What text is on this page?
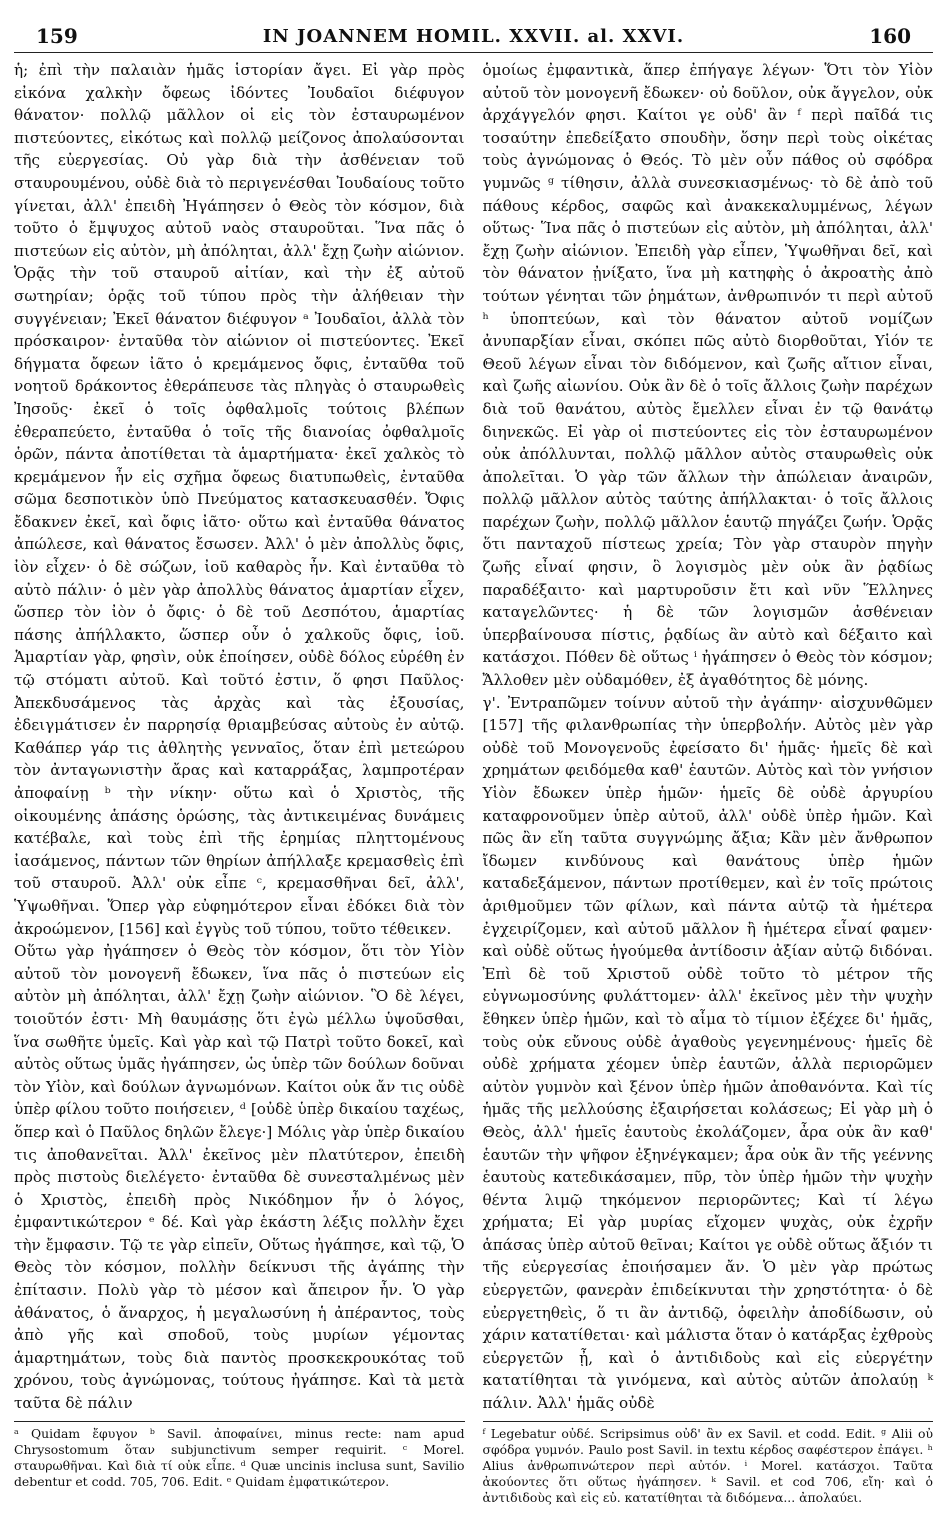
159	IN JOANNEM HOMIL. XXVII. al. XXVI.	160

ἡ; ἐπὶ τὴν παλαιὰν ἡμᾶς ἱστορίαν ἄγει. Εἰ γὰρ πρὸς εἰκόνα χαλκὴν ὄφεως ἰδόντες Ἰουδαῖοι διέφυγον θάνατον· πολλῷ μᾶλλον οἱ εἰς τὸν ἐσταυρωμένον πιστεύοντες, εἰκότως καὶ πολλῷ μείζονος ἀπολαύσονται τῆς εὐεργεσίας. Οὐ γὰρ διὰ τὴν ἀσθένειαν τοῦ σταυρουμένου, οὐδὲ διὰ τὸ περιγενέσθαι Ἰουδαίους τοῦτο γίνεται, ἀλλ' ἐπειδὴ Ἠγάπησεν ὁ Θεὸς τὸν κόσμον, διὰ τοῦτο ὁ ἔμψυχος αὐτοῦ ναὸς σταυροῦται. Ἵνα πᾶς ὁ πιστεύων εἰς αὐτὸν, μὴ ἀπόληται, ἀλλ' ἔχῃ ζωὴν αἰώνιον. Ὁρᾷς τὴν τοῦ σταυροῦ αἰτίαν, καὶ τὴν ἐξ αὐτοῦ σωτηρίαν; ὁρᾷς τοῦ τύπου πρὸς τὴν ἀλήθειαν τὴν συγγένειαν; Ἐκεῖ θάνατον διέφυγον ᵃ Ἰουδαῖοι, ἀλλὰ τὸν πρόσκαιρον· ἐνταῦθα τὸν αἰώνιον οἱ πιστεύοντες. Ἐκεῖ δήγματα ὄφεων ἰᾶτο ὁ κρεμάμενος ὄφις, ἐνταῦθα τοῦ νοητοῦ δράκοντος ἐθεράπευσε τὰς πληγὰς ὁ σταυρωθεὶς Ἰησοῦς· ἐκεῖ ὁ τοῖς ὀφθαλμοῖς τούτοις βλέπων ἐθεραπεύετο, ἐνταῦθα ὁ τοῖς τῆς διανοίας ὀφθαλμοῖς ὁρῶν, πάντα ἀποτίθεται τὰ ἁμαρτήματα· ἐκεῖ χαλκὸς τὸ κρεμάμενον ἦν εἰς σχῆμα ὄφεως διατυπωθεὶς, ἐνταῦθα σῶμα δεσποτικὸν ὑπὸ Πνεύματος κατασκευασθέν. Ὄφις ἔδακνεν ἐκεῖ, καὶ ὄφις ἰᾶτο· οὕτω καὶ ἐνταῦθα θάνατος ἀπώλεσε, καὶ θάνατος ἔσωσεν. Ἀλλ' ὁ μὲν ἀπολλὺς ὄφις, ἰὸν εἶχεν· ὁ δὲ σώζων, ἰοῦ καθαρὸς ἦν. Καὶ ἐνταῦθα τὸ αὐτὸ πάλιν· ὁ μὲν γὰρ ἀπολλὺς θάνατος ἁμαρτίαν εἶχεν, ὥσπερ τὸν ἰὸν ὁ ὄφις· ὁ δὲ τοῦ Δεσπότου, ἁμαρτίας πάσης ἀπήλλακτο, ὥσπερ οὖν ὁ χαλκοῦς ὄφις, ἰοῦ. Ἁμαρτίαν γὰρ, φησὶν, οὐκ ἐποίησεν, οὐδὲ δόλος εὑρέθη ἐν τῷ στόματι αὐτοῦ. Καὶ τοῦτό ἐστιν, ὅ φησι Παῦλος· Ἀπεκδυσάμενος τὰς ἀρχὰς καὶ τὰς ἐξουσίας, ἐδειγμάτισεν ἐν παρρησίᾳ θριαμβεύσας αὐτοὺς ἐν αὐτῷ. Καθάπερ γάρ τις ἀθλητὴς γενναῖος, ὅταν ἐπὶ μετεώρου τὸν ἀνταγωνιστὴν ἄρας καὶ καταρράξας, λαμπροτέραν ἀποφαίνῃ ᵇ τὴν νίκην· οὕτω καὶ ὁ Χριστὸς, τῆς οἰκουμένης ἁπάσης ὁρώσης, τὰς ἀντικειμένας δυνάμεις κατέβαλε, καὶ τοὺς ἐπὶ τῆς ἐρημίας πληττομένους ἰασάμενος, πάντων τῶν θηρίων ἀπήλλαξε κρεμασθεὶς ἐπὶ τοῦ σταυροῦ. Ἀλλ' οὐκ εἶπε ᶜ, κρεμασθῆναι δεῖ, ἀλλ', Ὑψωθῆναι. Ὅπερ γὰρ εὐφημότερον εἶναι ἐδόκει διὰ τὸν ἀκροώμενον, [156] καὶ ἐγγὺς τοῦ τύπου, τοῦτο τέθεικεν.

Οὕτω γὰρ ἠγάπησεν ὁ Θεὸς τὸν κόσμον, ὅτι τὸν Υἱὸν αὐτοῦ τὸν μονογενῆ ἔδωκεν, ἵνα πᾶς ὁ πιστεύων εἰς αὐτὸν μὴ ἀπόληται, ἀλλ' ἔχῃ ζωὴν αἰώνιον. Ὃ δὲ λέγει, τοιοῦτόν ἐστι· Μὴ θαυμάσῃς ὅτι ἐγὼ μέλλω ὑψοῦσθαι, ἵνα σωθῆτε ὑμεῖς. Καὶ γὰρ καὶ τῷ Πατρὶ τοῦτο δοκεῖ, καὶ αὐτὸς οὕτως ὑμᾶς ἠγάπησεν, ὡς ὑπὲρ τῶν δούλων δοῦναι τὸν Υἱὸν, καὶ δούλων ἀγνωμόνων. Καίτοι οὐκ ἄν τις οὐδὲ ὑπὲρ φίλου τοῦτο ποιήσειεν, ᵈ [οὐδὲ ὑπὲρ δικαίου ταχέως, ὅπερ καὶ ὁ Παῦλος δηλῶν ἔλεγε·] Μόλις γὰρ ὑπὲρ δικαίου τις ἀποθανεῖται. Ἀλλ' ἐκεῖνος μὲν πλατύτερον, ἐπειδὴ πρὸς πιστοὺς διελέγετο· ἐνταῦθα δὲ συνεσταλμένως μὲν ὁ Χριστὸς, ἐπειδὴ πρὸς Νικόδημον ἦν ὁ λόγος, ἐμφαντικώτερον ᵉ δέ. Καὶ γὰρ ἑκάστη λέξις πολλὴν ἔχει τὴν ἔμφασιν. Τῷ τε γὰρ εἰπεῖν, Οὕτως ἠγάπησε, καὶ τῷ, Ὁ Θεὸς τὸν κόσμον, πολλὴν δείκνυσι τῆς ἀγάπης τὴν ἐπίτασιν. Πολὺ γὰρ τὸ μέσον καὶ ἄπειρον ἦν. Ὁ γὰρ ἀθάνατος, ὁ ἄναρχος, ἡ μεγαλωσύνη ἡ ἀπέραντος, τοὺς ἀπὸ γῆς καὶ σποδοῦ, τοὺς μυρίων γέμοντας ἁμαρτημάτων, τοὺς διὰ παντὸς προσκεκρουκότας τοῦ χρόνου, τοὺς ἀγνώμονας, τούτους ἠγάπησε. Καὶ τὰ μετὰ ταῦτα δὲ πάλιν

ᵃ Quidam ἔφυγον ᵇ Savil. ἀποφαίνει, minus recte: nam apud Chrysostomum ὅταν subjunctivum semper requirit. ᶜ Morel. σταυρωθῆναι. Καὶ διὰ τί οὐκ εἶπε. ᵈ Quæ uncinis inclusa sunt, Savilio debentur et codd. 705, 706. Edit. ᵉ Quidam ἐμφατικώτερον.

ὁμοίως ἐμφαντικὰ, ἅπερ ἐπήγαγε λέγων· Ὅτι τὸν Υἱὸν αὐτοῦ τὸν μονογενῆ ἔδωκεν· οὐ δοῦλον, οὐκ ἄγγελον, οὐκ ἀρχάγγελόν φησι. Καίτοι γε οὐδ' ἂν ᶠ περὶ παῖδά τις τοσαύτην ἐπεδείξατο σπουδὴν, ὅσην περὶ τοὺς οἰκέτας τοὺς ἀγνώμονας ὁ Θεός. Τὸ μὲν οὖν πάθος οὐ σφόδρα γυμνῶς ᵍ τίθησιν, ἀλλὰ συνεσκιασμένως· τὸ δὲ ἀπὸ τοῦ πάθους κέρδος, σαφῶς καὶ ἀνακεκαλυμμένως, λέγων οὕτως· Ἵνα πᾶς ὁ πιστεύων εἰς αὐτὸν, μὴ ἀπόληται, ἀλλ' ἔχῃ ζωὴν αἰώνιον. Ἐπειδὴ γὰρ εἶπεν, Ὑψωθῆναι δεῖ, καὶ τὸν θάνατον ᾐνίξατο, ἵνα μὴ κατηφὴς ὁ ἀκροατὴς ἀπὸ τούτων γένηται τῶν ῥημάτων, ἀνθρωπινόν τι περὶ αὐτοῦ ʰ ὑποπτεύων, καὶ τὸν θάνατον αὐτοῦ νομίζων ἀνυπαρξίαν εἶναι, σκόπει πῶς αὐτὸ διορθοῦται, Υἱόν τε Θεοῦ λέγων εἶναι τὸν διδόμενον, καὶ ζωῆς αἴτιον εἶναι, καὶ ζωῆς αἰωνίου. Οὐκ ἂν δὲ ὁ τοῖς ἄλλοις ζωὴν παρέχων διὰ τοῦ θανάτου, αὐτὸς ἔμελλεν εἶναι ἐν τῷ θανάτῳ διηνεκῶς. Εἰ γὰρ οἱ πιστεύοντες εἰς τὸν ἐσταυρωμένον οὐκ ἀπόλλυνται, πολλῷ μᾶλλον αὐτὸς σταυρωθεὶς οὐκ ἀπολεῖται. Ὁ γὰρ τῶν ἄλλων τὴν ἀπώλειαν ἀναιρῶν, πολλῷ μᾶλλον αὐτὸς ταύτης ἀπήλλακται· ὁ τοῖς ἄλλοις παρέχων ζωὴν, πολλῷ μᾶλλον ἑαυτῷ πηγάζει ζωήν. Ὁρᾷς ὅτι πανταχοῦ πίστεως χρεία; Τὸν γὰρ σταυρὸν πηγὴν ζωῆς εἶναί φησιν, ὃ λογισμὸς μὲν οὐκ ἂν ῥᾳδίως παραδέξαιτο· καὶ μαρτυροῦσιν ἔτι καὶ νῦν Ἕλληνες καταγελῶντες· ἡ δὲ τῶν λογισμῶν ἀσθένειαν ὑπερβαίνουσα πίστις, ῥᾳδίως ἂν αὐτὸ καὶ δέξαιτο καὶ κατάσχοι. Πόθεν δὲ οὕτως ⁱ ἠγάπησεν ὁ Θεὸς τὸν κόσμον; Ἄλλοθεν μὲν οὐδαμόθεν, ἐξ ἀγαθότητος δὲ μόνης.

γ'. Ἐντραπῶμεν τοίνυν αὐτοῦ τὴν ἀγάπην· αἰσχυνθῶμεν [157] τῆς φιλανθρωπίας τὴν ὑπερβολήν. Αὐτὸς μὲν γὰρ οὐδὲ τοῦ Μονογενοῦς ἐφείσατο δι' ἡμᾶς· ἡμεῖς δὲ καὶ χρημάτων φειδόμεθα καθ' ἑαυτῶν. Αὐτὸς καὶ τὸν γνήσιον Υἱὸν ἔδωκεν ὑπὲρ ἡμῶν· ἡμεῖς δὲ οὐδὲ ἀργυρίου καταφρονοῦμεν ὑπὲρ αὐτοῦ, ἀλλ' οὐδὲ ὑπὲρ ἡμῶν. Καὶ πῶς ἂν εἴη ταῦτα συγγνώμης ἄξια; Κἂν μὲν ἄνθρωπον ἴδωμεν κινδύνους καὶ θανάτους ὑπὲρ ἡμῶν καταδεξάμενον, πάντων προτίθεμεν, καὶ ἐν τοῖς πρώτοις ἀριθμοῦμεν τῶν φίλων, καὶ πάντα αὐτῷ τὰ ἡμέτερα ἐγχειρίζομεν, καὶ αὐτοῦ μᾶλλον ἢ ἡμέτερα εἶναί φαμεν· καὶ οὐδὲ οὕτως ἡγούμεθα ἀντίδοσιν ἀξίαν αὐτῷ διδόναι. Ἐπὶ δὲ τοῦ Χριστοῦ οὐδὲ τοῦτο τὸ μέτρον τῆς εὐγνωμοσύνης φυλάττομεν· ἀλλ' ἐκεῖνος μὲν τὴν ψυχὴν ἔθηκεν ὑπὲρ ἡμῶν, καὶ τὸ αἷμα τὸ τίμιον ἐξέχεε δι' ἡμᾶς, τοὺς οὐκ εὔνους οὐδὲ ἀγαθοὺς γεγενημένους· ἡμεῖς δὲ οὐδὲ χρήματα χέομεν ὑπὲρ ἑαυτῶν, ἀλλὰ περιορῶμεν αὐτὸν γυμνὸν καὶ ξένον ὑπὲρ ἡμῶν ἀποθανόντα. Καὶ τίς ἡμᾶς τῆς μελλούσης ἐξαιρήσεται κολάσεως; Εἰ γὰρ μὴ ὁ Θεὸς, ἀλλ' ἡμεῖς ἑαυτοὺς ἐκολάζομεν, ἆρα οὐκ ἂν καθ' ἑαυτῶν τὴν ψῆφον ἐξηνέγκαμεν; ἆρα οὐκ ἂν τῆς γεέννης ἑαυτοὺς κατεδικάσαμεν, πῦρ, τὸν ὑπὲρ ἡμῶν τὴν ψυχὴν θέντα λιμῷ τηκόμενον περιορῶντες; Καὶ τί λέγω χρήματα; Εἰ γὰρ μυρίας εἴχομεν ψυχὰς, οὐκ ἐχρῆν ἁπάσας ὑπὲρ αὐτοῦ θεῖναι; Καίτοι γε οὐδὲ οὕτως ἄξιόν τι τῆς εὐεργεσίας ἐποιήσαμεν ἄν. Ὁ μὲν γὰρ πρώτως εὐεργετῶν, φανερὰν ἐπιδείκνυται τὴν χρηστότητα· ὁ δὲ εὐεργετηθεὶς, ὅ τι ἂν ἀντιδῷ, ὀφειλὴν ἀποδίδωσιν, οὐ χάριν κατατίθεται· καὶ μάλιστα ὅταν ὁ κατάρξας ἐχθροὺς εὐεργετῶν ᾖ, καὶ ὁ ἀντιδιδοὺς καὶ εἰς εὐεργέτην κατατίθηται τὰ γινόμενα, καὶ αὐτὸς αὐτῶν ἀπολαύῃ ᵏ πάλιν. Ἀλλ' ἡμᾶς οὐδὲ

ᶠ Legebatur οὐδέ. Scripsimus οὐδ' ἂν ex Savil. et codd. Edit. ᵍ Alii οὐ σφόδρα γυμνόν. Paulo post Savil. in textu κέρδος σαφέστερον ἐπάγει. ʰ Alius ἀνθρωπινώτερον περὶ αὐτόν. ⁱ Morel. κατάσχοι. Ταῦτα ἀκούοντες ὅτι οὕτως ἠγάπησεν. ᵏ Savil. et cod 706, εἴη· καὶ ὁ ἀντιδιδοὺς καὶ εἰς εὐ. κατατίθηται τὰ διδόμενα... ἀπολαύει.
